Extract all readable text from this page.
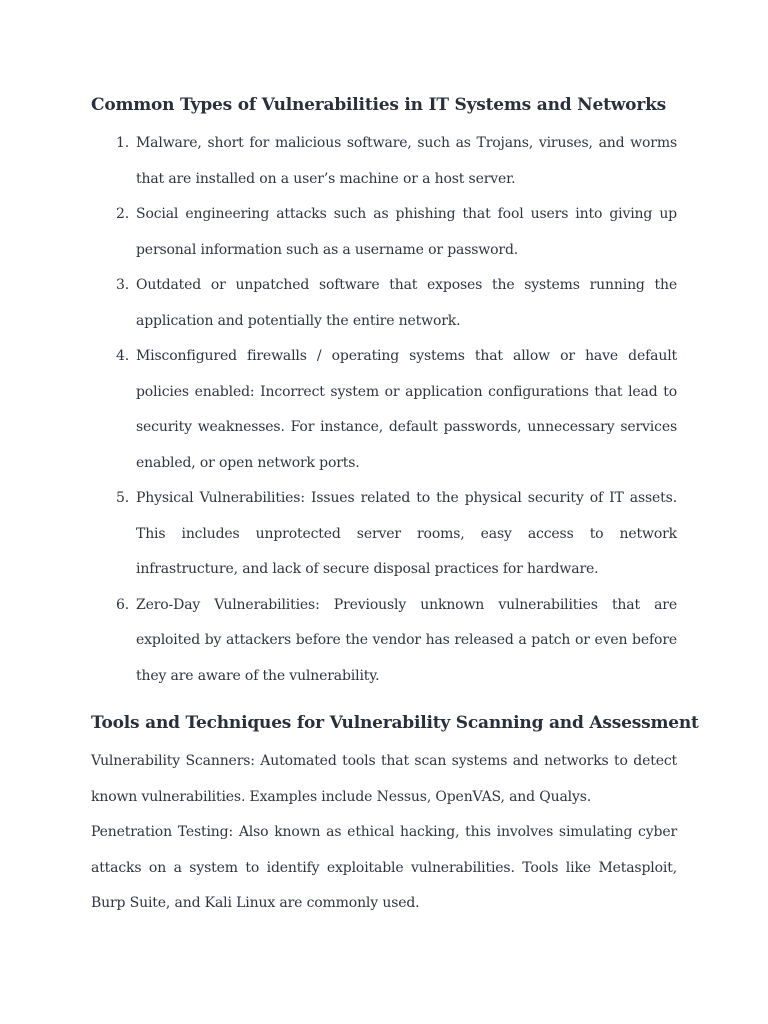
Common Types of Vulnerabilities in IT Systems and Networks
1. Malware, short for malicious software, such as Trojans, viruses, and worms that are installed on a user’s machine or a host server.
2. Social engineering attacks such as phishing that fool users into giving up personal information such as a username or password.
3. Outdated or unpatched software that exposes the systems running the application and potentially the entire network.
4. Misconfigured firewalls / operating systems that allow or have default policies enabled: Incorrect system or application configurations that lead to security weaknesses. For instance, default passwords, unnecessary services enabled, or open network ports.
5. Physical Vulnerabilities: Issues related to the physical security of IT assets. This includes unprotected server rooms, easy access to network infrastructure, and lack of secure disposal practices for hardware.
6. Zero-Day Vulnerabilities: Previously unknown vulnerabilities that are exploited by attackers before the vendor has released a patch or even before they are aware of the vulnerability.
Tools and Techniques for Vulnerability Scanning and Assessment

Vulnerability Scanners: Automated tools that scan systems and networks to detect known vulnerabilities. Examples include Nessus, OpenVAS, and Qualys.

Penetration Testing: Also known as ethical hacking, this involves simulating cyber attacks on a system to identify exploitable vulnerabilities. Tools like Metasploit, Burp Suite, and Kali Linux are commonly used.
